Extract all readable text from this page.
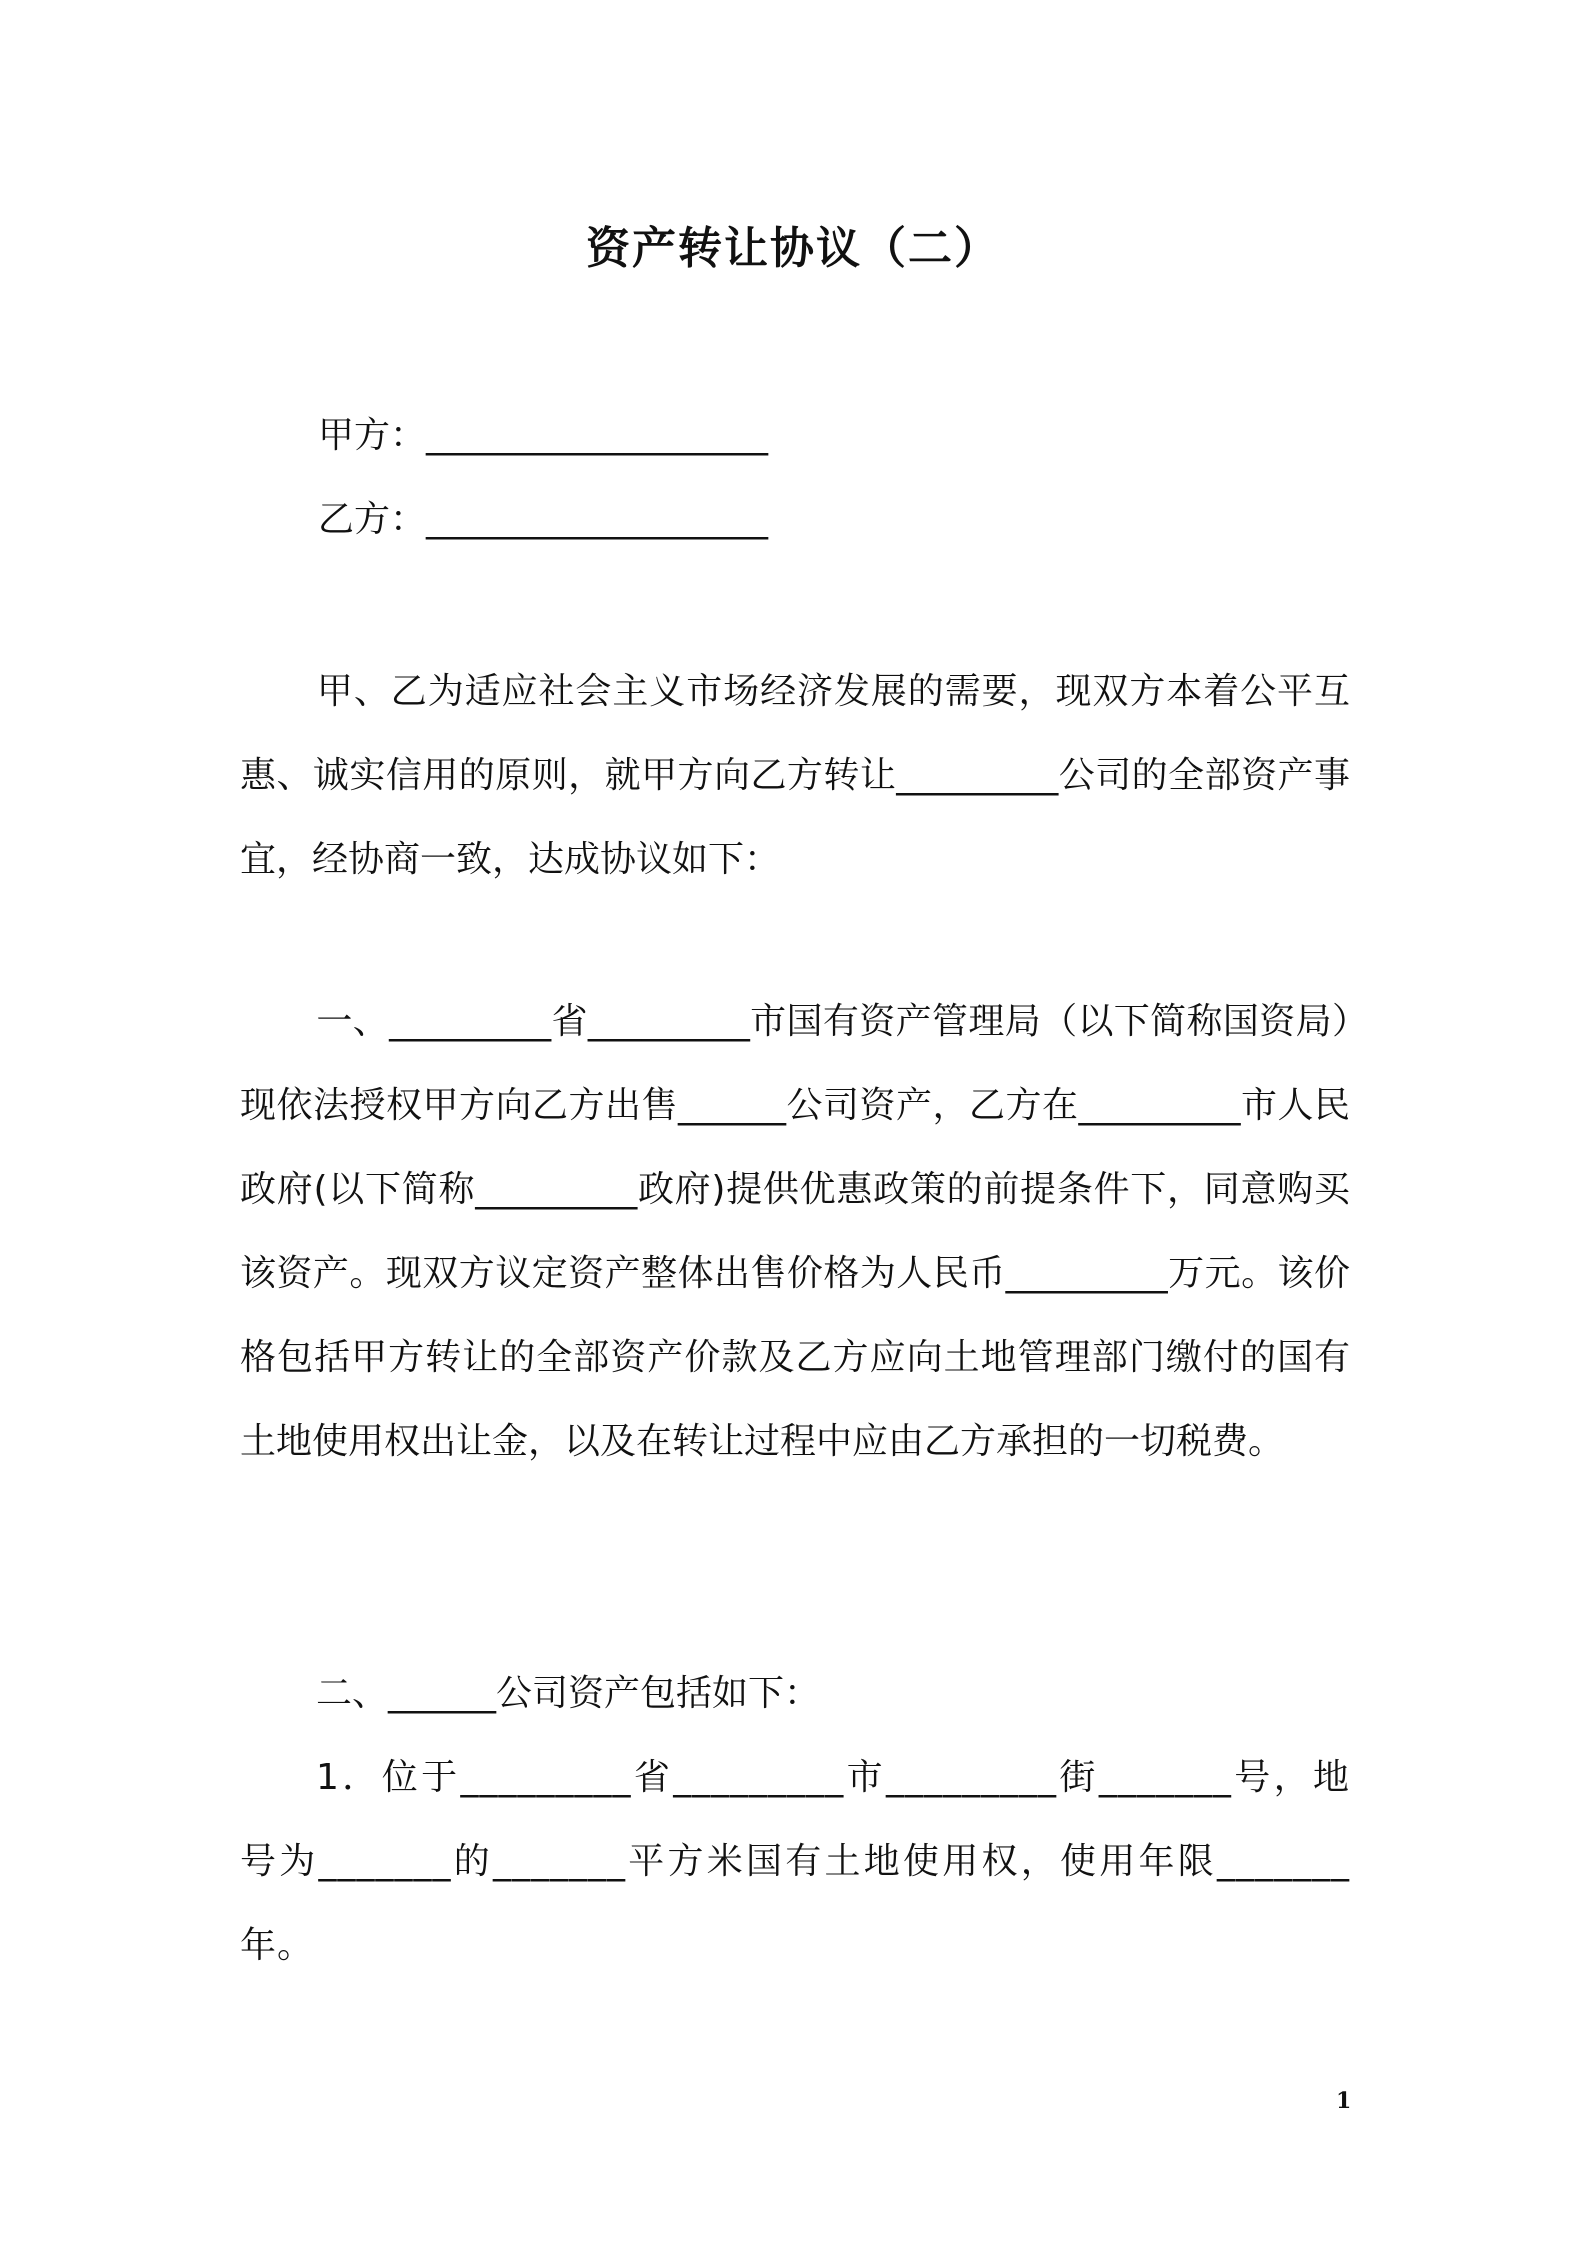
资产转让协议（二）

甲方：___________________

乙方：___________________

甲、乙为适应社会主义市场经济发展的需要，现双方本着公平互惠、诚实信用的原则，就甲方向乙方转让_________公司的全部资产事宜，经协商一致，达成协议如下：

一、_________省_________市国有资产管理局（以下简称国资局）现依法授权甲方向乙方出售______公司资产，乙方在_________市人民政府(以下简称_________政府)提供优惠政策的前提条件下，同意购买该资产。现双方议定资产整体出售价格为人民币_________万元。该价格包括甲方转让的全部资产价款及乙方应向土地管理部门缴付的国有土地使用权出让金，以及在转让过程中应由乙方承担的一切税费。

二、______公司资产包括如下：

1．位于_________省_________市_________街_______号，地号为_______的_______平方米国有土地使用权，使用年限_______年。

1
